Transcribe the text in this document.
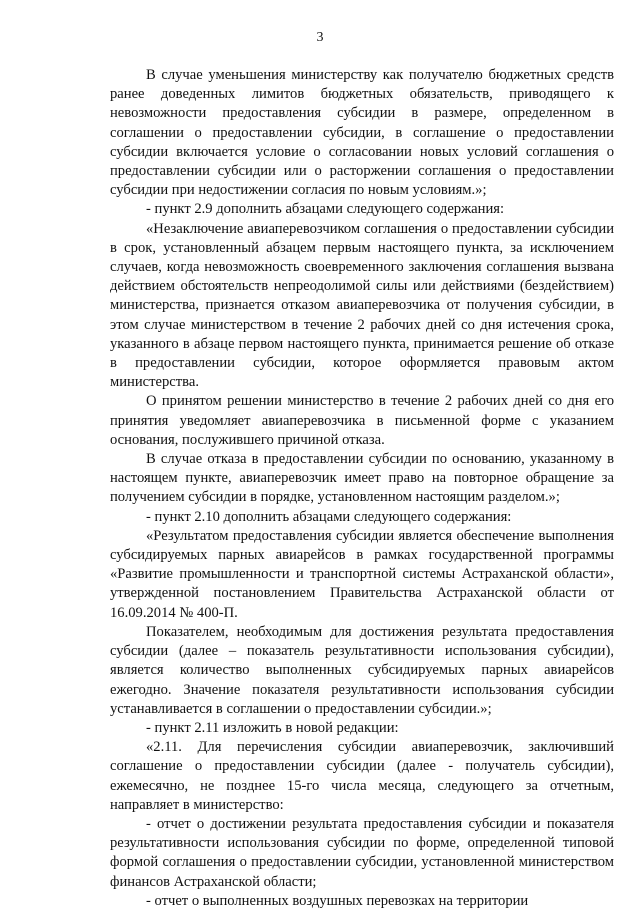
3

В случае уменьшения министерству как получателю бюджетных средств ранее доведенных лимитов бюджетных обязательств, приводящего к невозможности предоставления субсидии в размере, определенном в соглашении о предоставлении субсидии, в соглашение о предоставлении субсидии включается условие о согласовании новых условий соглашения о предоставлении субсидии или о расторжении соглашения о предоставлении субсидии при недостижении согласия по новым условиям.»;

- пункт 2.9 дополнить абзацами следующего содержания:

«Незаключение авиаперевозчиком соглашения о предоставлении субсидии в срок, установленный абзацем первым настоящего пункта, за исключением случаев, когда невозможность своевременного заключения соглашения вызвана действием обстоятельств непреодолимой силы или действиями (бездействием) министерства, признается отказом авиаперевозчика от получения субсидии, в этом случае министерством в течение 2 рабочих дней со дня истечения срока, указанного в абзаце первом настоящего пункта, принимается решение об отказе в предоставлении субсидии, которое оформляется правовым актом министерства.

О принятом решении министерство в течение 2 рабочих дней со дня его принятия уведомляет авиаперевозчика в письменной форме с указанием основания, послужившего причиной отказа.

В случае отказа в предоставлении субсидии по основанию, указанному в настоящем пункте, авиаперевозчик имеет право на повторное обращение за получением субсидии в порядке, установленном настоящим разделом.»;

- пункт 2.10 дополнить абзацами следующего содержания:

«Результатом предоставления субсидии является обеспечение выполнения субсидируемых парных авиарейсов в рамках государственной программы «Развитие промышленности и транспортной системы Астраханской области», утвержденной постановлением Правительства Астраханской области от 16.09.2014 № 400-П.

Показателем, необходимым для достижения результата предоставления субсидии (далее – показатель результативности использования субсидии), является количество выполненных субсидируемых парных авиарейсов ежегодно. Значение показателя результативности использования субсидии устанавливается в соглашении о предоставлении субсидии.»;

- пункт 2.11 изложить в новой редакции:

«2.11. Для перечисления субсидии авиаперевозчик, заключивший соглашение о предоставлении субсидии (далее - получатель субсидии), ежемесячно, не позднее 15-го числа месяца, следующего за отчетным, направляет в министерство:

- отчет о достижении результата предоставления субсидии и показателя результативности использования субсидии по форме, определенной типовой формой соглашения о предоставлении субсидии, установленной министерством финансов Астраханской области;

- отчет о выполненных воздушных перевозках на территории
